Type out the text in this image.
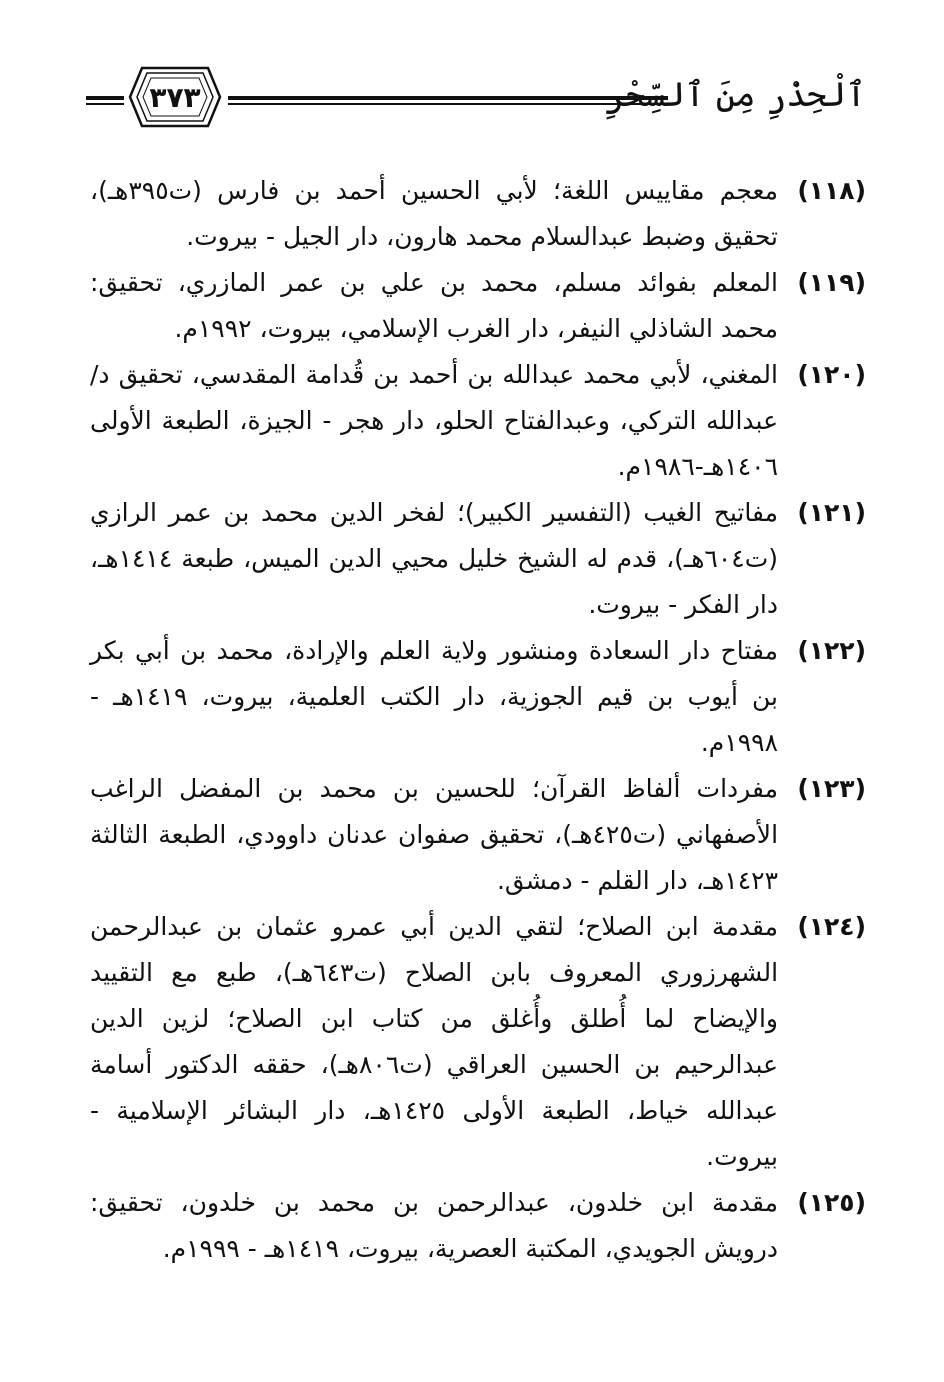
٣٧٣	ٱلْحِذْرِ مِنَ ٱلسِّحْرِ
(١١٨)
معجم مقاييس اللغة؛ لأبي الحسين أحمد بن فارس (ت٣٩٥هـ)، تحقيق وضبط عبدالسلام محمد هارون، دار الجيل - بيروت.
(١١٩)
المعلم بفوائد مسلم، محمد بن علي بن عمر المازري، تحقيق: محمد الشاذلي النيفر، دار الغرب الإسلامي، بيروت، ١٩٩٢م.
(١٢٠)
المغني، لأبي محمد عبدالله بن أحمد بن قُدامة المقدسي، تحقيق د/ عبدالله التركي، وعبدالفتاح الحلو، دار هجر - الجيزة، الطبعة الأولى ١٤٠٦هـ-١٩٨٦م.
(١٢١)
مفاتيح الغيب (التفسير الكبير)؛ لفخر الدين محمد بن عمر الرازي (ت٦٠٤هـ)، قدم له الشيخ خليل محيي الدين الميس، طبعة ١٤١٤هـ، دار الفكر - بيروت.
(١٢٢)
مفتاح دار السعادة ومنشور ولاية العلم والإرادة، محمد بن أبي بكر بن أيوب بن قيم الجوزية، دار الكتب العلمية، بيروت، ١٤١٩هـ - ١٩٩٨م.
(١٢٣)
مفردات ألفاظ القرآن؛ للحسين بن محمد بن المفضل الراغب الأصفهاني (ت٤٢٥هـ)، تحقيق صفوان عدنان داوودي، الطبعة الثالثة ١٤٢٣هـ، دار القلم - دمشق.
(١٢٤)
مقدمة ابن الصلاح؛ لتقي الدين أبي عمرو عثمان بن عبدالرحمن الشهرزوري المعروف بابن الصلاح (ت٦٤٣هـ)، طبع مع التقييد والإيضاح لما أُطلق وأُغلق من كتاب ابن الصلاح؛ لزين الدين عبدالرحيم بن الحسين العراقي (ت٨٠٦هـ)، حققه الدكتور أسامة عبدالله خياط، الطبعة الأولى ١٤٢٥هـ، دار البشائر الإسلامية - بيروت.
(١٢٥)
مقدمة ابن خلدون، عبدالرحمن بن محمد بن خلدون، تحقيق: درويش الجويدي، المكتبة العصرية، بيروت، ١٤١٩هـ - ١٩٩٩م.
